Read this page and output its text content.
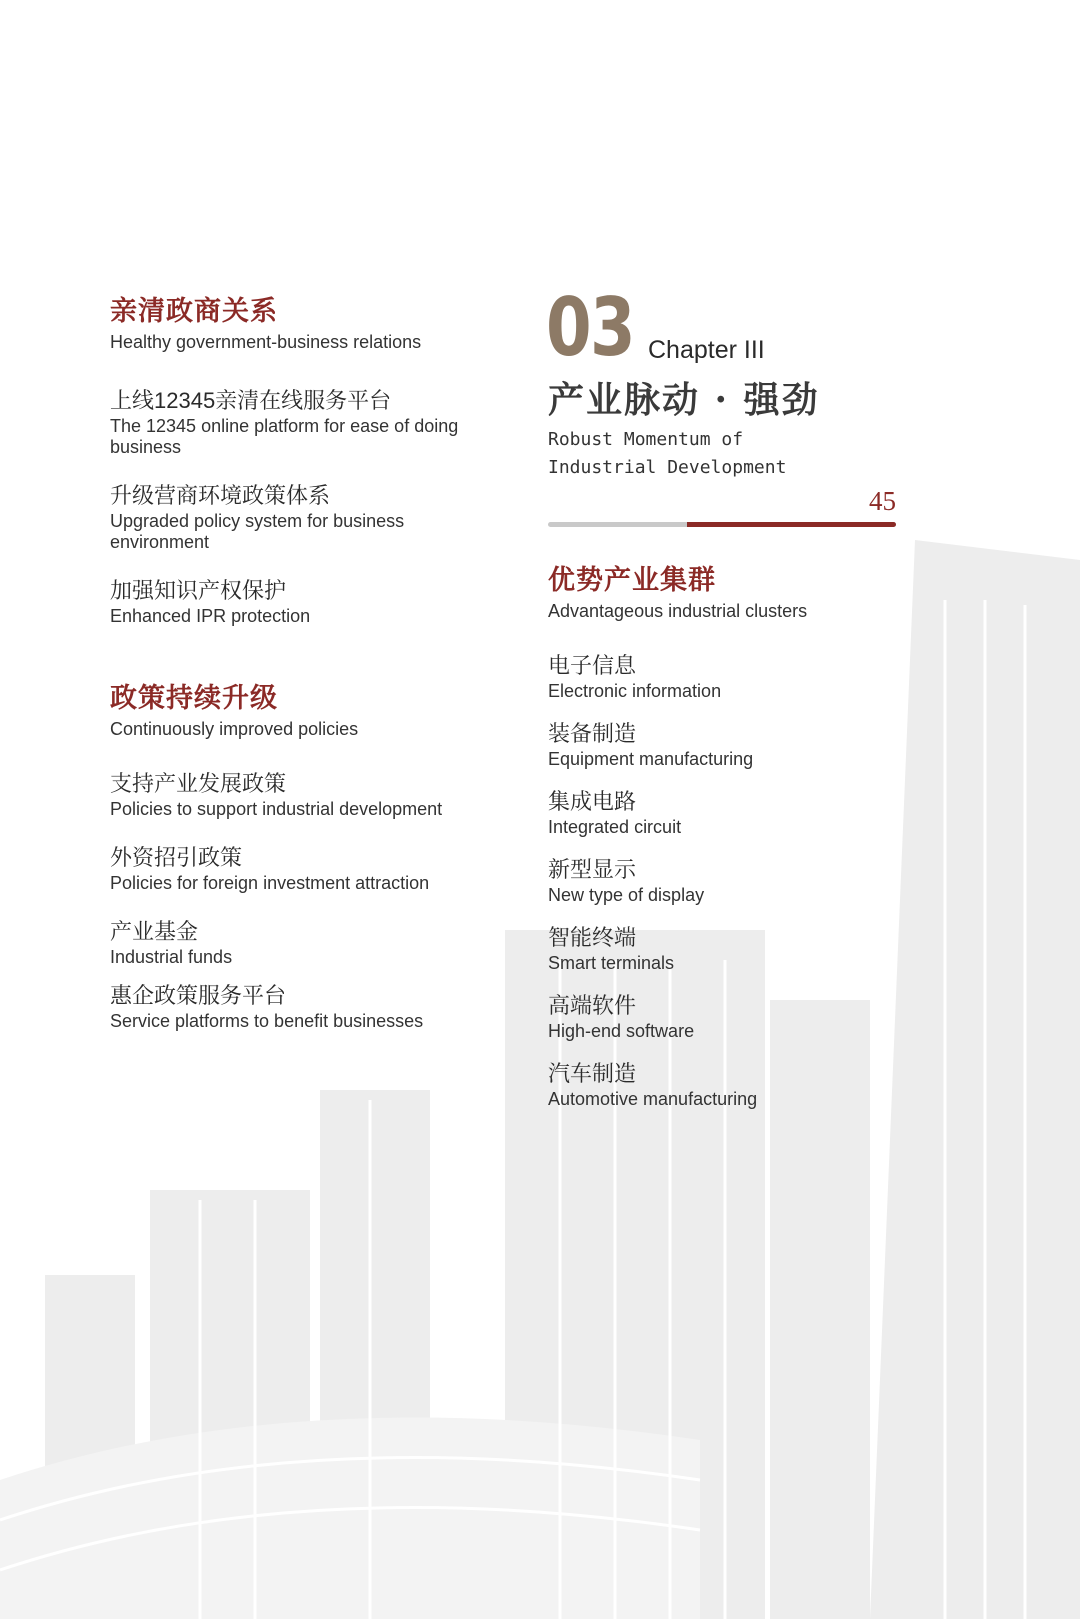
亲清政商关系
Healthy government-business relations
上线12345亲清在线服务平台
The 12345 online platform for ease of doing business
升级营商环境政策体系
Upgraded policy system for business environment
加强知识产权保护
Enhanced IPR protection
政策持续升级
Continuously improved policies
支持产业发展政策
Policies to support industrial development
外资招引政策
Policies for foreign investment attraction
产业基金
Industrial funds
惠企政策服务平台
Service platforms to benefit businesses
03 Chapter III
产业脉动 · 强劲
Robust Momentum of
Industrial Development
45
优势产业集群
Advantageous industrial clusters
电子信息
Electronic information
装备制造
Equipment manufacturing
集成电路
Integrated circuit
新型显示
New type of display
智能终端
Smart terminals
高端软件
High-end software
汽车制造
Automotive manufacturing
